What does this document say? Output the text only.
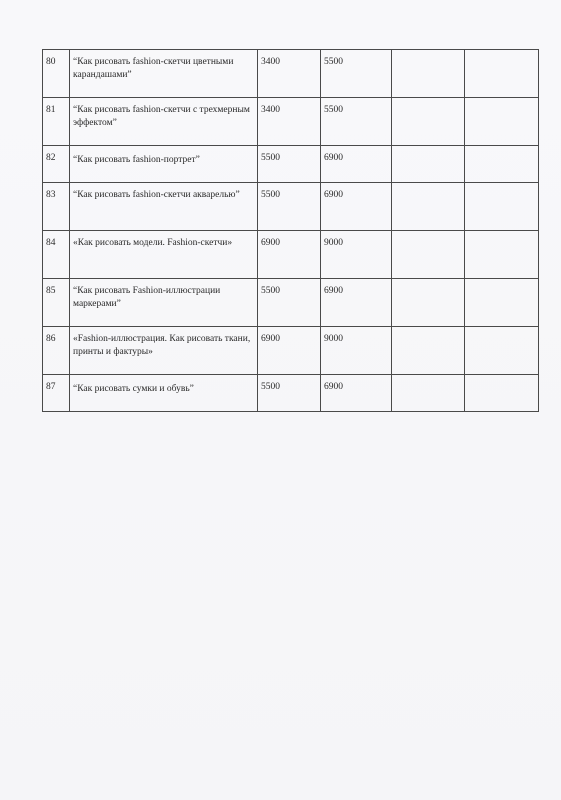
80	“Как рисовать fashion-скетчи цветными карандашами”	3400	5500		
81	“Как рисовать fashion-скетчи с трехмерным эффектом”	3400	5500		
82	“Как рисовать fashion-портрет”	5500	6900		
83	“Как рисовать fashion-скетчи акварелью”	5500	6900		
84	«Как рисовать модели. Fashion-скетчи»	6900	9000		
85	“Как рисовать Fashion-иллюстрации маркерами”	5500	6900		
86	«Fashion-иллюстрация. Как рисовать ткани, принты и фактуры»	6900	9000		
87	“Как рисовать сумки и обувь”	5500	6900		
